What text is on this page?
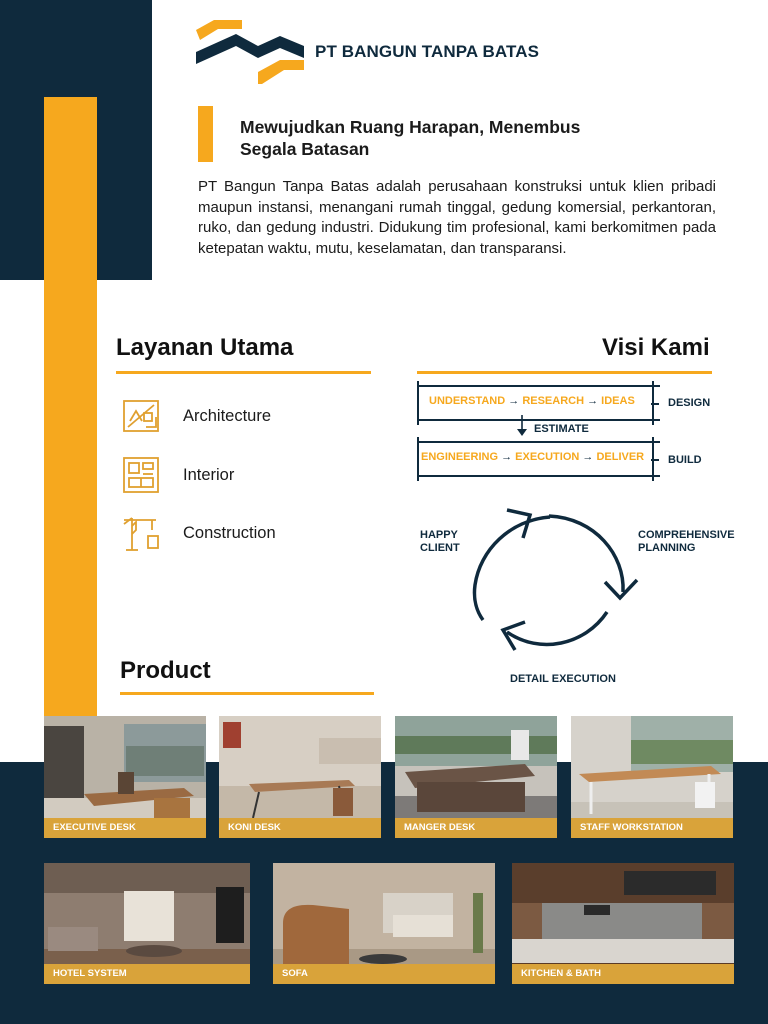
PT BANGUN TANPA BATAS
Mewujudkan Ruang Harapan, Menembus
Segala Batasan
PT Bangun Tanpa Batas adalah perusahaan konstruksi untuk klien pribadi maupun instansi, menangani rumah tinggal, gedung komersial, perkantoran, ruko, dan gedung industri. Didukung tim profesional, kami berkomitmen pada ketepatan waktu, mutu, keselamatan, dan transparansi.
Layanan Utama
Architecture
Interior
Construction
Visi Kami
UNDERSTAND → RESEARCH → IDEAS	DESIGN
ESTIMATE
ENGINEERING → EXECUTION → DELIVER BUILD
HAPPY
CLIENT
COMPREHENSIVE
PLANNING
DETAIL EXECUTION
Product
EXECUTIVE DESK	KONI DESK	MANGER DESK	STAFF WORKSTATION
HOTEL SYSTEM	SOFA	KITCHEN & BATH
